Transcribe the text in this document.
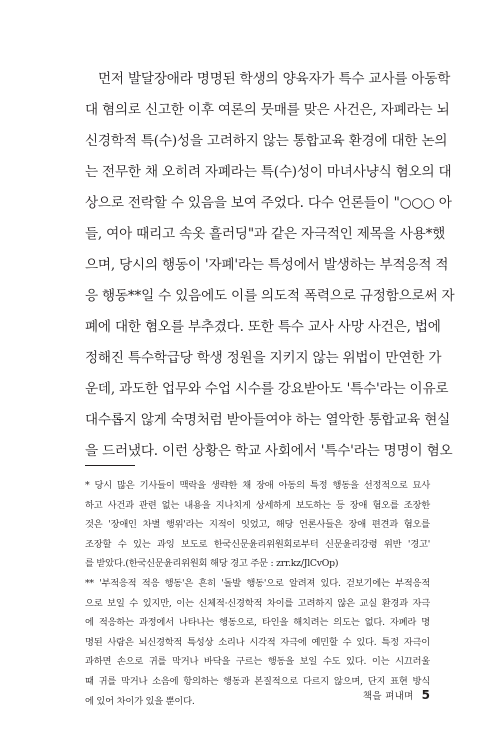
먼저 발달장애라 명명된 학생의 양육자가 특수 교사를 아동학
대 혐의로 신고한 이후 여론의 뭇매를 맞은 사건은, 자폐라는 뇌
신경학적 특(수)성을 고려하지 않는 통합교육 환경에 대한 논의
는 전무한 채 오히려 자폐라는 특(수)성이 마녀사냥식 혐오의 대
상으로 전락할 수 있음을 보여 주었다. 다수 언론들이 "○○○ 아
들, 여아 때리고 속옷 흘러딩"과 같은 자극적인 제목을 사용*했
으며, 당시의 행동이 '자폐'라는 특성에서 발생하는 부적응적 적
응 행동**일 수 있음에도 이를 의도적 폭력으로 규정함으로써 자
폐에 대한 혐오를 부추겼다. 또한 특수 교사 사망 사건은, 법에
정해진 특수학급당 학생 정원을 지키지 않는 위법이 만연한 가
운데, 과도한 업무와 수업 시수를 강요받아도 '특수'라는 이유로
대수롭지 않게 숙명처럼 받아들여야 하는 열악한 통합교육 현실
을 드러냈다. 이런 상황은 학교 사회에서 '특수'라는 명명이 혐오
* 당시 많은 기사들이 맥락을 생략한 채 장애 아동의 특정 행동을 선정적으로 묘사
하고 사건과 관련 없는 내용을 지나치게 상세하게 보도하는 등 장애 혐오를 조장한
것은 '장애인 차별 행위'라는 지적이 잇었고, 해당 언론사들은 장애 편견과 혐오를
조장할 수 있는 과잉 보도로 한국신문윤리위원회로부터 신문윤리강령 위반 '경고'
를 받았다.(한국신문윤리위원회 해당 경고 주문 : zrr.kz/JlCvOp)
** '부적응적 적응 행동'은 흔히 '돌발 행동'으로 알려져 있다. 걷보기에는 부적응적
으로 보일 수 있지만, 이는 신체적·신경학적 차이를 고려하지 않은 교실 환경과 자극
에 적응하는 과정에서 나타나는 행동으로, 타인을 해치려는 의도는 없다. 자폐라 명
명된 사람은 뇌신경학적 특성상 소리나 시각적 자극에 예민할 수 있다. 특정 자극이
과하면 손으로 귀를 막거나 바닥을 구르는 행동을 보일 수도 있다. 이는 시끄러울
때 귀를 막거나 소음에 항의하는 행동과 본질적으로 다르지 않으며, 단지 표현 방식
에 있어 차이가 있을 뿐이다.	책을 펴내며 5
